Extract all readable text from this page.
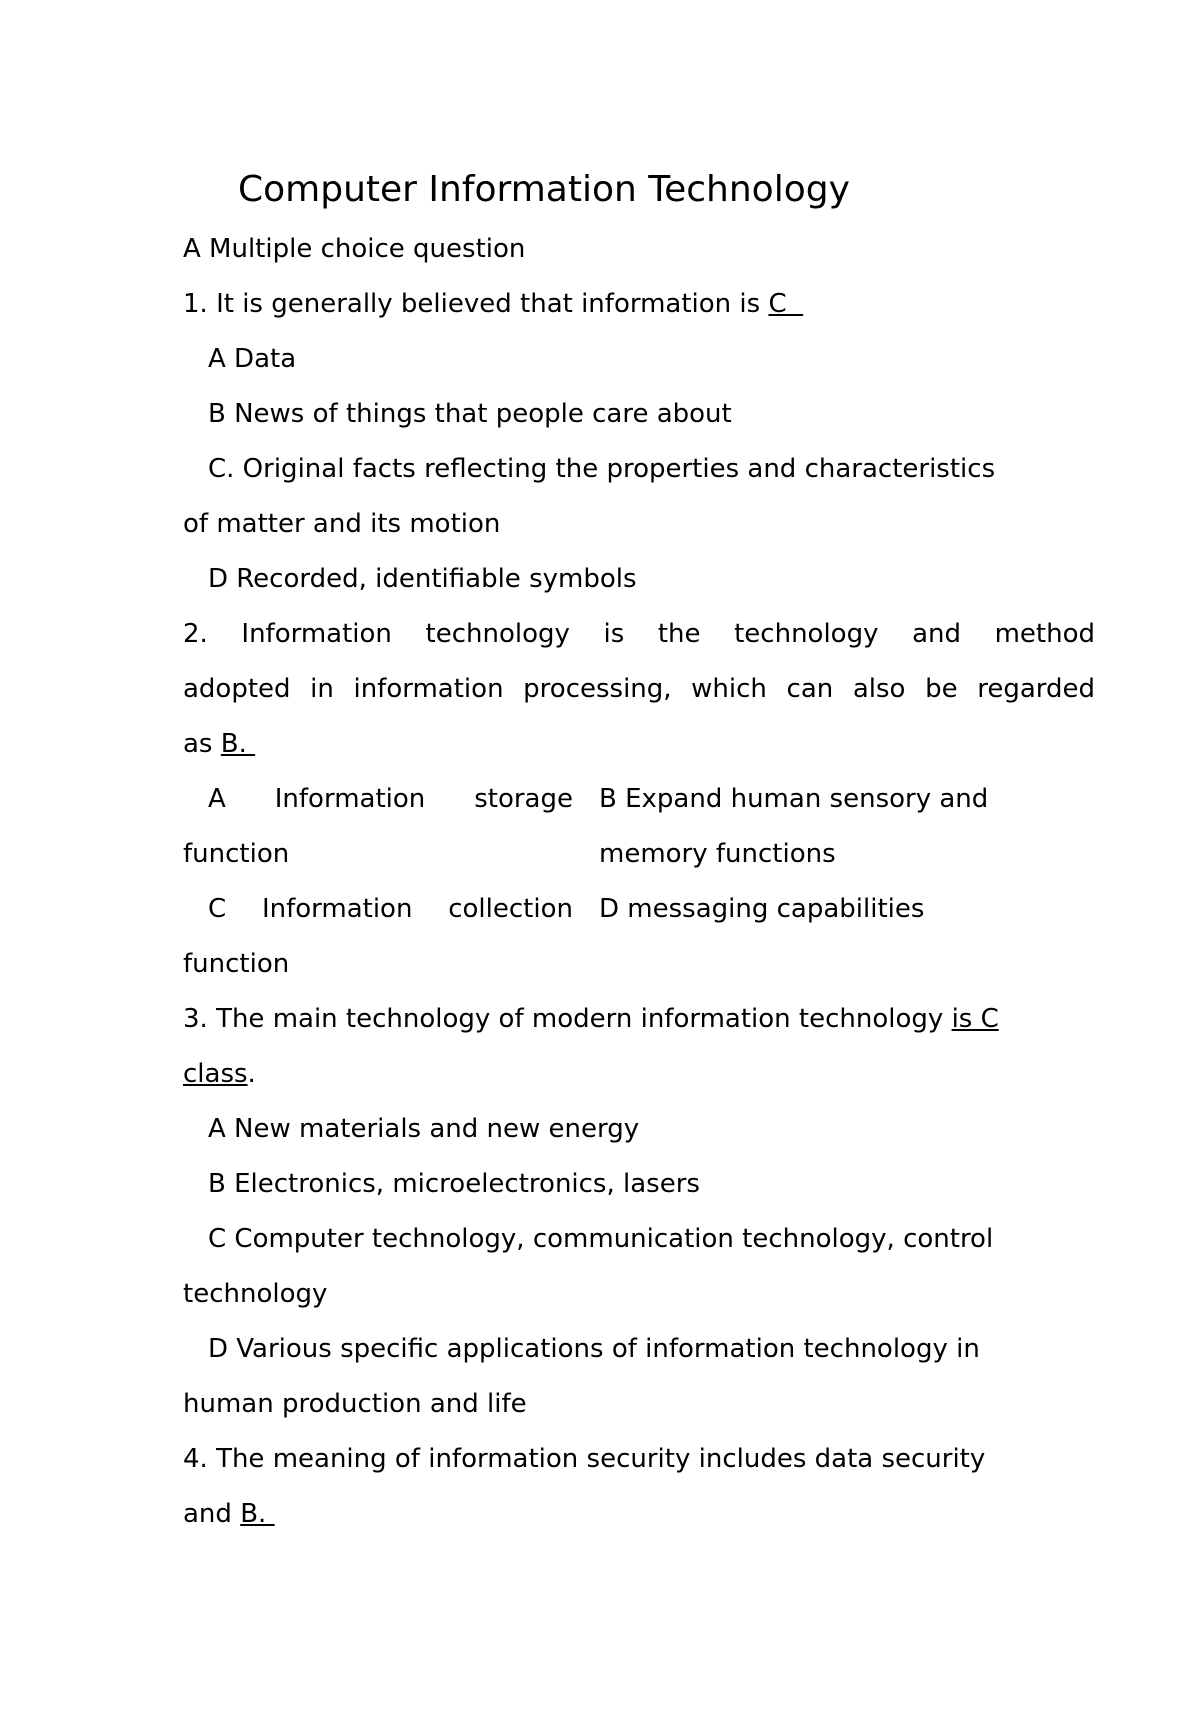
Computer Information Technology
A Multiple choice question
1. It is generally believed that information is C
A Data
B News of things that people care about
C. Original facts reflecting the properties and characteristics
of matter and its motion
D Recorded, identifiable symbols
2. Information technology is the technology and method
adopted in information processing, which can also be regarded
as B.
A Information storage
function
B Expand human sensory and
memory functions
C Information collection
function
D messaging capabilities
3. The main technology of modern information technology is C
class.
A New materials and new energy
B Electronics, microelectronics, lasers
C Computer technology, communication technology, control
technology
D Various specific applications of information technology in
human production and life
4. The meaning of information security includes data security
and B.
